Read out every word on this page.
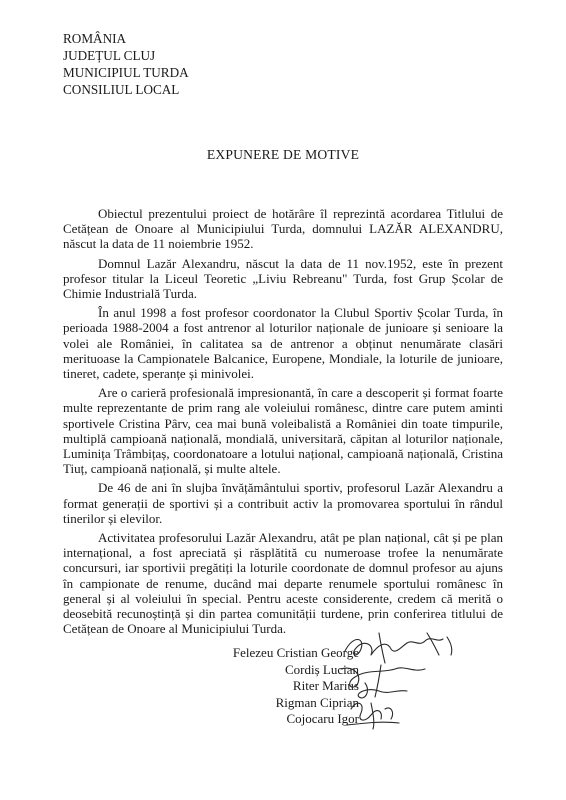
ROMÂNIA
JUDEȚUL CLUJ
MUNICIPIUL TURDA
CONSILIUL LOCAL
EXPUNERE DE MOTIVE

Obiectul prezentului proiect de hotărâre îl reprezintă acordarea Titlului de Cetățean de Onoare al Municipiului Turda, domnului LAZĂR ALEXANDRU, născut la data de 11 noiembrie 1952.

Domnul Lazăr Alexandru, născut la data de 11 nov.1952, este în prezent profesor titular la Liceul Teoretic „Liviu Rebreanu" Turda, fost Grup Școlar de Chimie Industrială Turda.

În anul 1998 a fost profesor coordonator la Clubul Sportiv Școlar Turda, în perioada 1988-2004 a fost antrenor al loturilor naționale de junioare și senioare la volei ale României, în calitatea sa de antrenor a obținut nenumărate clasări merituoase la Campionatele Balcanice, Europene, Mondiale, la loturile de junioare, tineret, cadete, speranțe și minivolei.

Are o carieră profesională impresionantă, în care a descoperit și format foarte multe reprezentante de prim rang ale voleiului românesc, dintre care putem aminti sportivele Cristina Pârv, cea mai bună voleibalistă a României din toate timpurile, multiplă campioană națională, mondială, universitară, căpitan al loturilor naționale, Luminița Trâmbițaș, coordonatoare a lotului național, campioană națională, Cristina Tiuț, campioană națională, și multe altele.

De 46 de ani în slujba învățământului sportiv, profesorul Lazăr Alexandru a format generații de sportivi și a contribuit activ la promovarea sportului în rândul tinerilor și elevilor.

Activitatea profesorului Lazăr Alexandru, atât pe plan național, cât și pe plan internațional, a fost apreciată și răsplătită cu numeroase trofee la nenumărate concursuri, iar sportivii pregătiți la loturile coordonate de domnul profesor au ajuns în campionate de renume, ducând mai departe renumele sportului românesc în general și al voleiului în special. Pentru aceste considerente, credem că merită o deosebită recunoștință și din partea comunității turdene, prin conferirea titlului de Cetățean de Onoare al Municipiului Turda.

Felezeu Cristian George
Cordiș Lucian
Riter Marius
Rigman Ciprian
Cojocaru Igor
